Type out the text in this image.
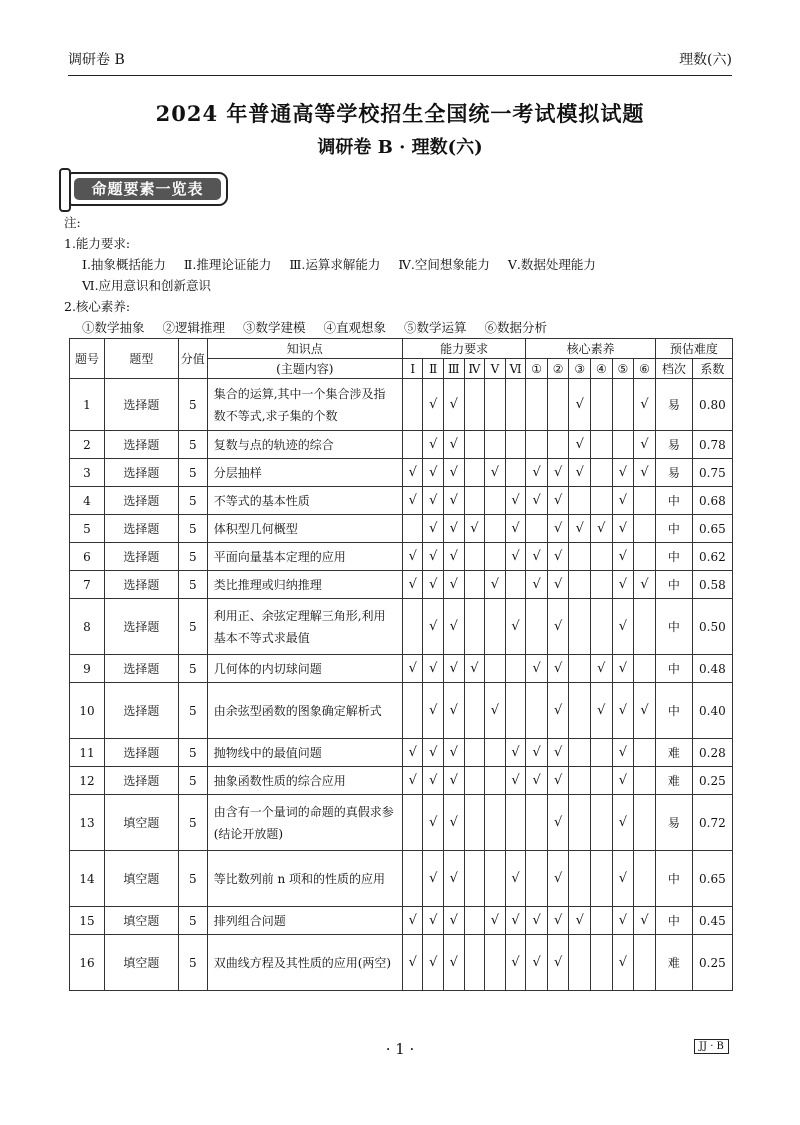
调研卷 B	理数(六)
2024 年普通高等学校招生全国统一考试模拟试题
调研卷 B · 理数(六)
命题要素一览表
注:
1.能力要求:
Ⅰ.抽象概括能力 Ⅱ.推理论证能力 Ⅲ.运算求解能力 Ⅳ.空间想象能力 Ⅴ.数据处理能力
Ⅵ.应用意识和创新意识
2.核心素养:
①数学抽象 ②逻辑推理 ③数学建模 ④直观想象 ⑤数学运算 ⑥数据分析
题号	题型	分值	知识点	能力要求						核心素养						预估难度	
			(主题内容)	Ⅰ	Ⅱ	Ⅲ	Ⅳ	Ⅴ	Ⅵ	①	②	③	④	⑤	⑥	档次	系数
1	选择题	5	集合的运算,其中一个集合涉及指数不等式,求子集的个数		√	√						√			√	易	0.80
2	选择题	5	复数与点的轨迹的综合		√	√						√			√	易	0.78
3	选择题	5	分层抽样	√	√	√		√		√	√	√		√	√	易	0.75
4	选择题	5	不等式的基本性质	√	√	√			√	√	√			√		中	0.68
5	选择题	5	体积型几何概型		√	√	√		√		√	√	√	√		中	0.65
6	选择题	5	平面向量基本定理的应用	√	√	√			√	√	√			√		中	0.62
7	选择题	5	类比推理或归纳推理	√	√	√		√		√	√			√	√	中	0.58
8	选择题	5	利用正、余弦定理解三角形,利用基本不等式求最值		√	√			√		√			√		中	0.50
9	选择题	5	几何体的内切球问题	√	√	√	√			√	√		√	√		中	0.48
10	选择题	5	由余弦型函数的图象确定解析式		√	√		√			√		√	√	√	中	0.40
11	选择题	5	抛物线中的最值问题	√	√	√			√	√	√			√		难	0.28
12	选择题	5	抽象函数性质的综合应用	√	√	√			√	√	√			√		难	0.25
13	填空题	5	由含有一个量词的命题的真假求参(结论开放题)		√	√					√			√		易	0.72
14	填空题	5	等比数列前 n 项和的性质的应用		√	√			√		√			√		中	0.65
15	填空题	5	排列组合问题	√	√	√		√	√	√	√	√		√	√	中	0.45
16	填空题	5	双曲线方程及其性质的应用(两空)	√	√	√			√	√	√			√		难	0.25
· 1 ·	JJ · B
